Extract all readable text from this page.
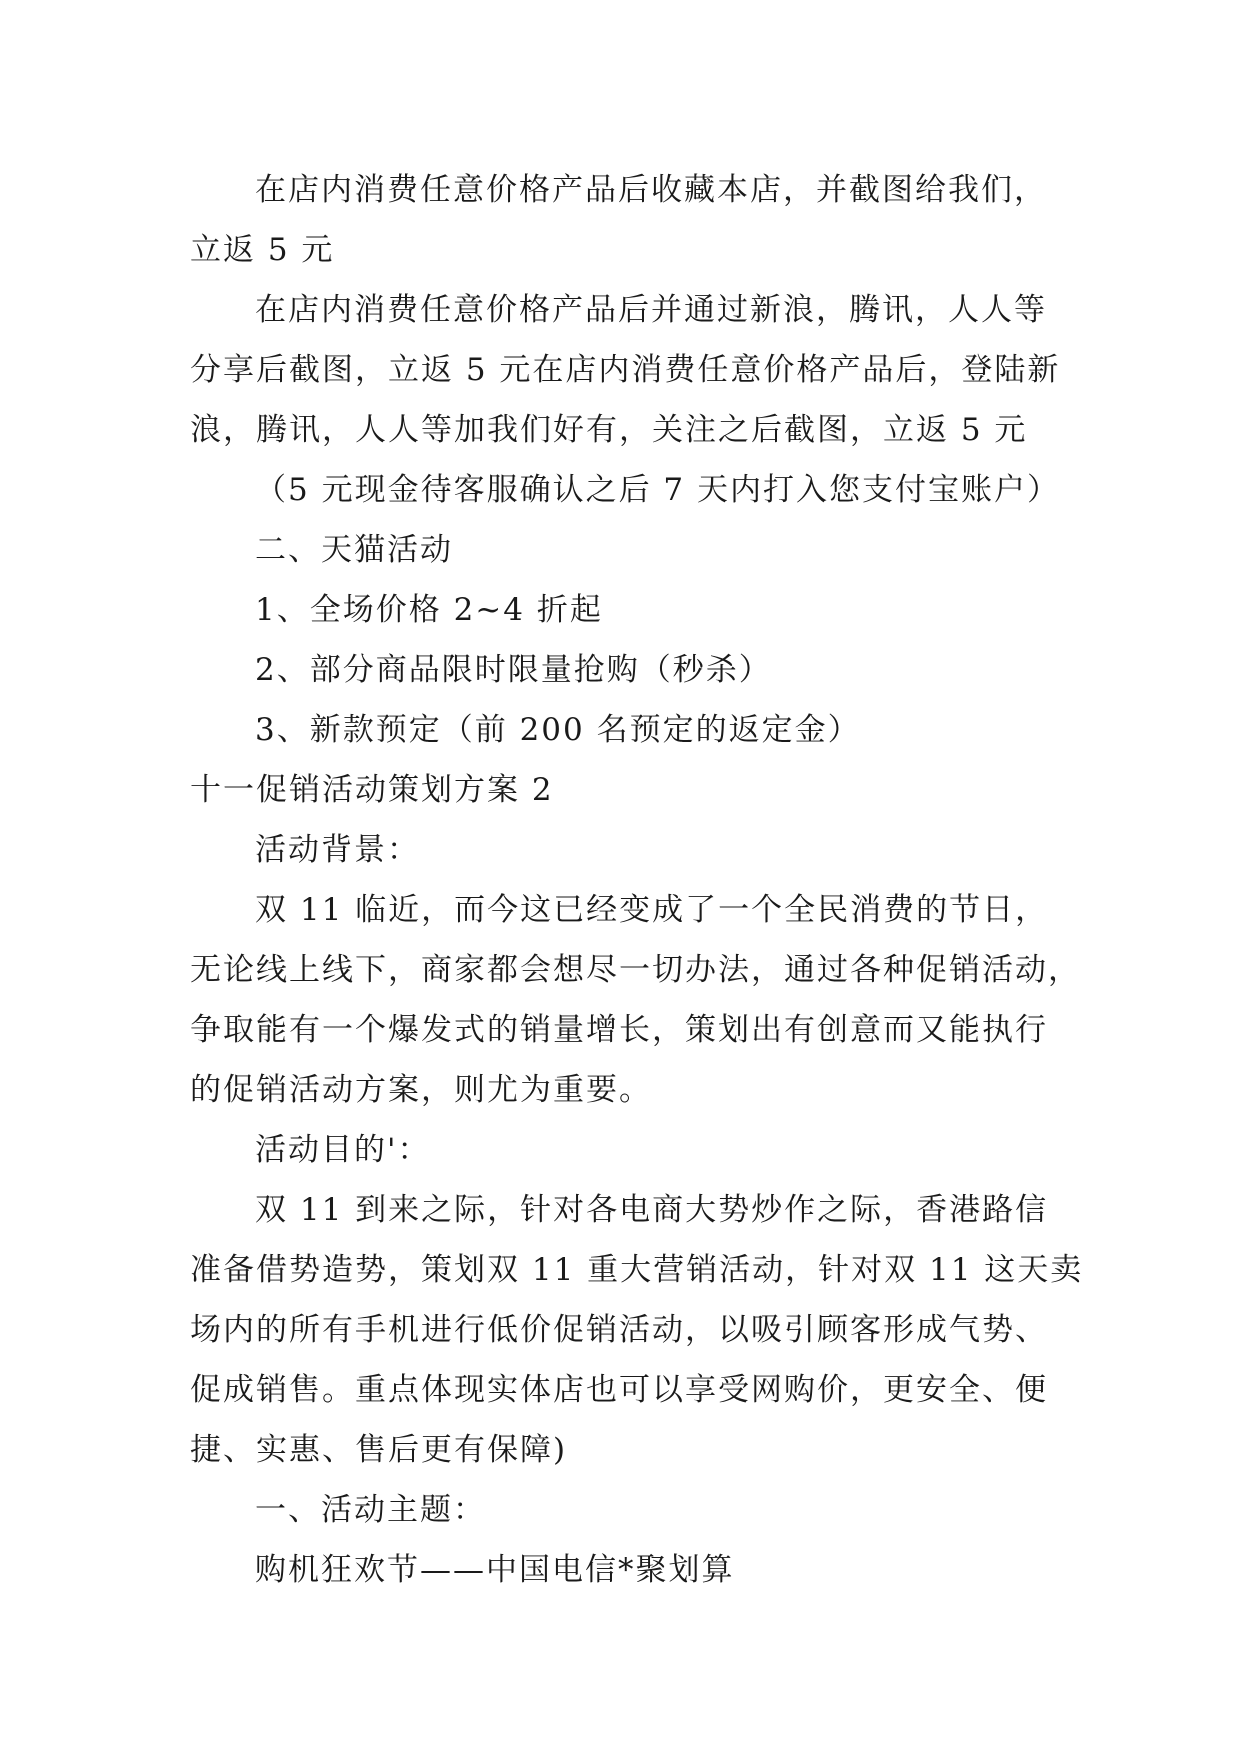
在店内消费任意价格产品后收藏本店，并截图给我们，

立返 5 元

在店内消费任意价格产品后并通过新浪，腾讯，人人等

分享后截图，立返 5 元在店内消费任意价格产品后，登陆新

浪，腾讯，人人等加我们好有，关注之后截图，立返 5 元

（5 元现金待客服确认之后 7 天内打入您支付宝账户）

二、天猫活动

1、全场价格 2~4 折起

2、部分商品限时限量抢购（秒杀）

3、新款预定（前 200 名预定的返定金）

十一促销活动策划方案 2

活动背景：

双 11 临近，而今这已经变成了一个全民消费的节日，

无论线上线下，商家都会想尽一切办法，通过各种促销活动，

争取能有一个爆发式的销量增长，策划出有创意而又能执行

的促销活动方案，则尤为重要。

活动目的'：

双 11 到来之际，针对各电商大势炒作之际，香港路信

准备借势造势，策划双 11 重大营销活动，针对双 11 这天卖

场内的所有手机进行低价促销活动，以吸引顾客形成气势、

促成销售。重点体现实体店也可以享受网购价，更安全、便

捷、实惠、售后更有保障)

一、活动主题：

购机狂欢节——中国电信*聚划算
